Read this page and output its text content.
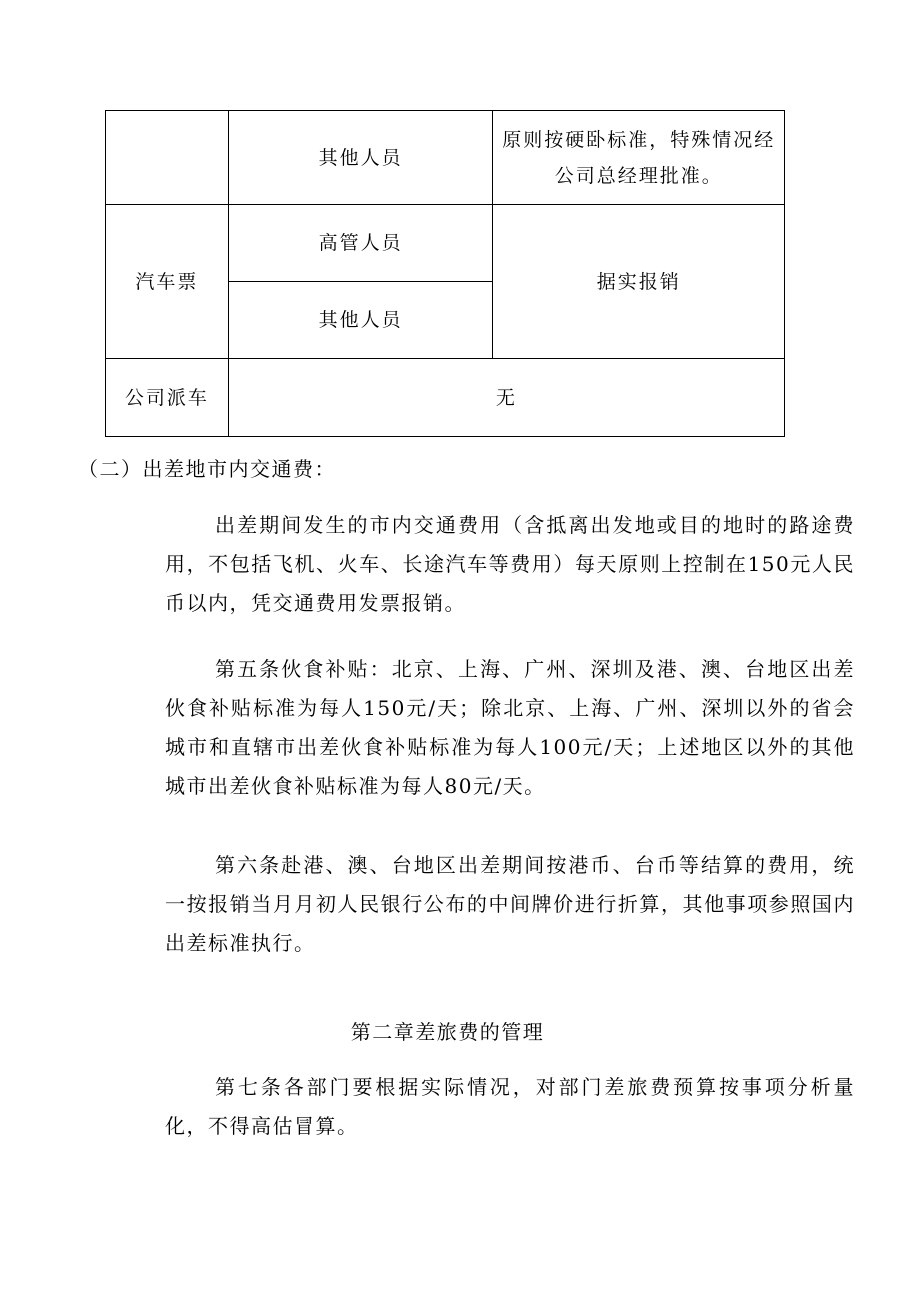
	其他人员	原则按硬卧标准，特殊情况经公司总经理批准。
汽车票	高管人员	据实报销
	其他人员	
公司派车	无	
（二）出差地市内交通费：
出差期间发生的市内交通费用（含抵离出发地或目的地时的路途费用，不包括飞机、火车、长途汽车等费用）每天原则上控制在150元人民币以内，凭交通费用发票报销。
第五条伙食补贴：北京、上海、广州、深圳及港、澳、台地区出差伙食补贴标准为每人150元/天；除北京、上海、广州、深圳以外的省会城市和直辖市出差伙食补贴标准为每人100元/天；上述地区以外的其他城市出差伙食补贴标准为每人80元/天。
第六条赴港、澳、台地区出差期间按港币、台币等结算的费用，统一按报销当月月初人民银行公布的中间牌价进行折算，其他事项参照国内出差标准执行。
第二章差旅费的管理
第七条各部门要根据实际情况，对部门差旅费预算按事项分析量化，不得高估冒算。
